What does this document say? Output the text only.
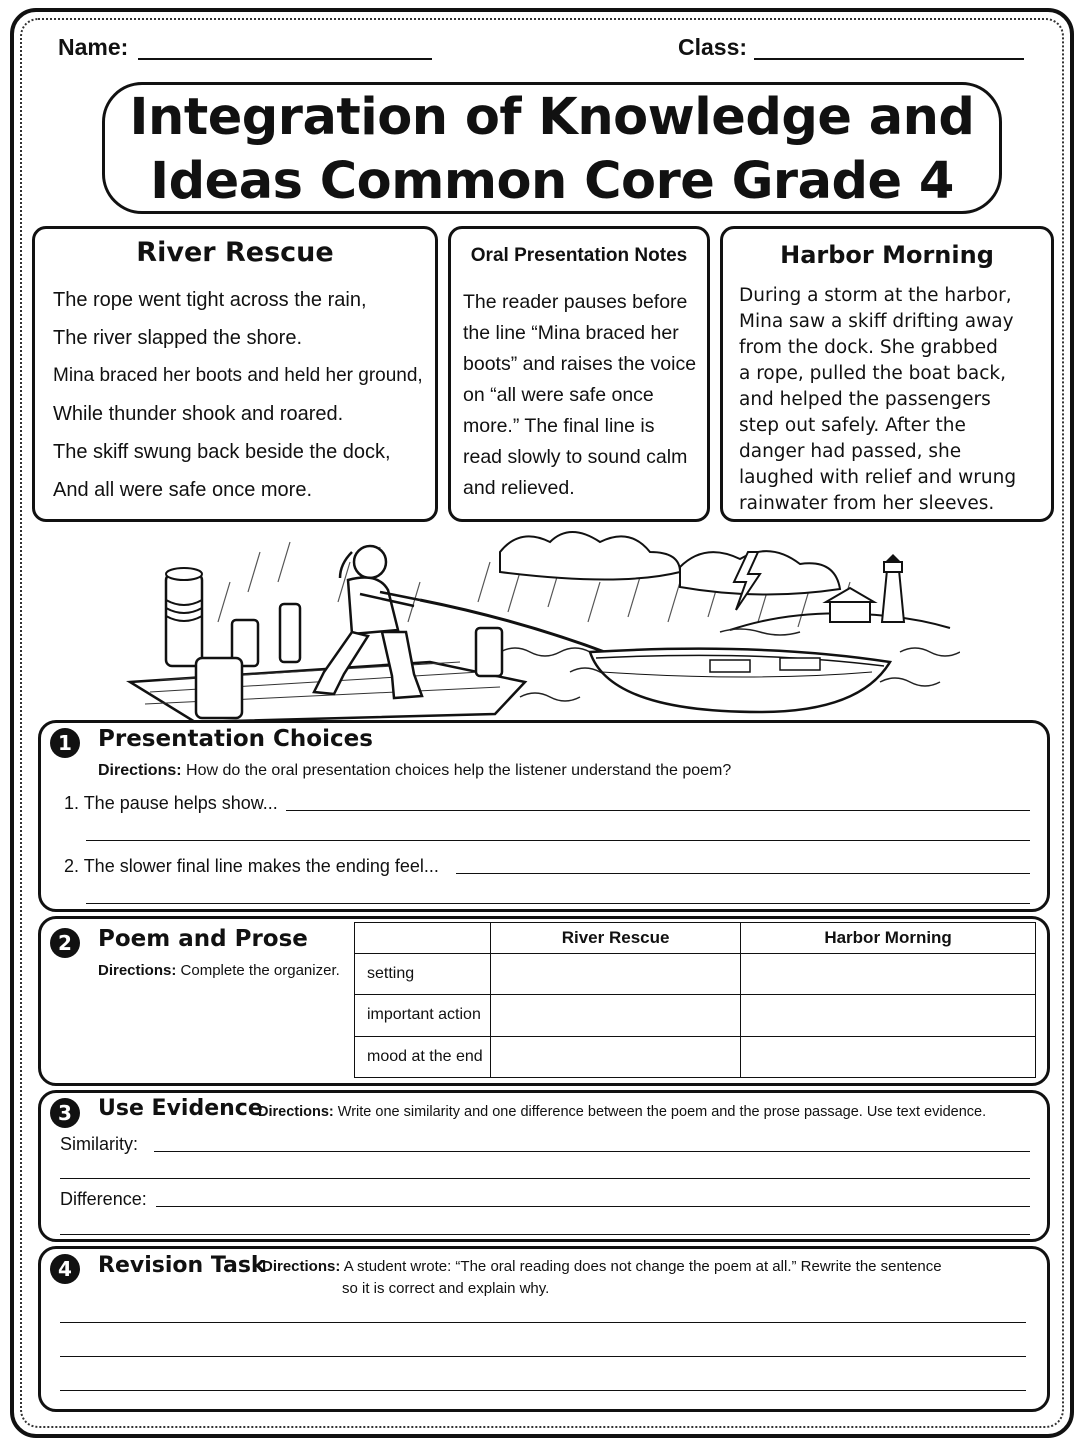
Name:	Class:
Integration of Knowledge and
Ideas Common Core Grade 4
River Rescue
The rope went tight across the rain,
The river slapped the shore.
Mina braced her boots and held her ground,
While thunder shook and roared.
The skiff swung back beside the dock,
And all were safe once more.
Oral Presentation Notes
The reader pauses before
the line “Mina braced her
boots” and raises the voice
on “all were safe once
more.” The final line is
read slowly to sound calm
and relieved.
Harbor Morning
During a storm at the harbor,
Mina saw a skiff drifting away
from the dock. She grabbed
a rope, pulled the boat back,
and helped the passengers
step out safely. After the
danger had passed, she
laughed with relief and wrung
rainwater from her sleeves.
1	Presentation Choices
Directions: How do the oral presentation choices help the listener understand the poem?
1. The pause helps show...
2. The slower final line makes the ending feel...
2	Poem and Prose
Directions: Complete the organizer.
	River Rescue	Harbor Morning
setting		
important action		
mood at the end		
3	Use Evidence
Directions: Write one similarity and one difference between the poem and the prose passage. Use text evidence.
Similarity:
Difference:
4	Revision Task
Directions: A student wrote: “The oral reading does not change the poem at all.” Rewrite the sentence
so it is correct and explain why.
